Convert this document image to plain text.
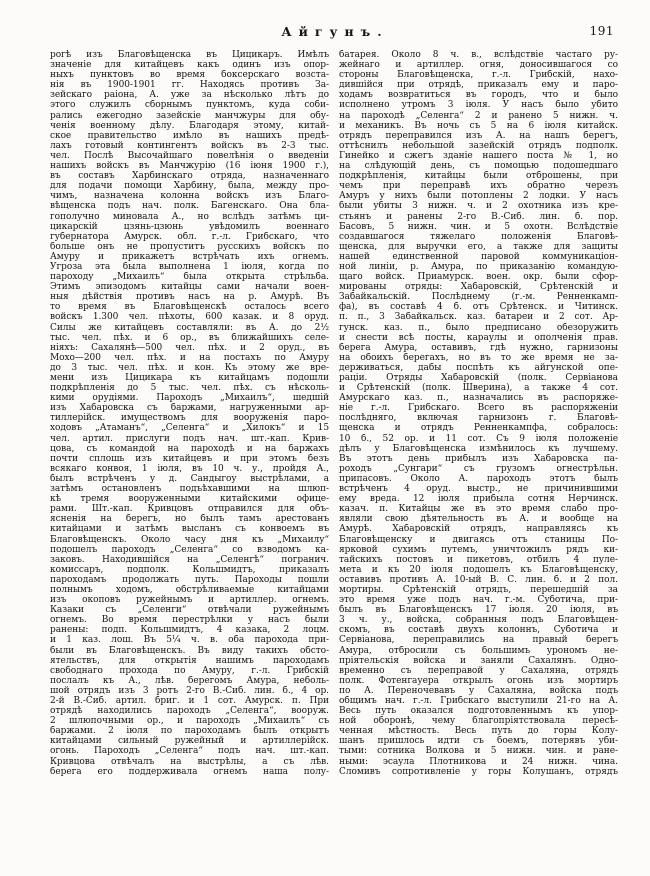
Айгунъ.	191
рогѣ изъ Благовѣщенска въ Цицикаръ. Имѣлъ
значеніе для китайцевъ какъ одинъ изъ опор-
ныхъ пунктовъ во время боксерскаго возста-
нія въ 1900-1901 гг. Находясь противъ За-
зейскаго раіона, А. уже за нѣсколько лѣтъ до
этого служилъ сборнымъ пунктомъ, куда соби-
рались ежегодно зазейскіе манчжуры для обу-
ченія военному дѣлу. Благодаря этому, китай-
ское правительство имѣло въ нашихъ предѣ-
лахъ готовый контингентъ войскъ въ 2-3 тыс.
чел. Послѣ Высочайшаго повелѣнія о введеніи
нашихъ войскъ въ Манчжурію (16 іюня 1900 г.),
въ составъ Харбинскаго отряда, назначеннаго
для подачи помощи Харбину, была, между про-
чимъ, назначена колонна войскъ изъ Благо-
вѣщенска подъ нач. полк. Багенскаго. Она бла-
гополучно миновала А., но вслѣдъ затѣмъ ци-
цикарскій цзянь-цзюнь увѣдомилъ военнаго
губернатора Амурск. обл. г.-л. Грибскаго, что
больше онъ не пропуститъ русскихъ войскъ по
Амуру и прикажетъ встрѣчать ихъ огнемъ.
Угроза эта была выполнена 1 іюля, когда по
пароходу „Михаилъ“ была открыта стрѣльба.
Этимъ эпизодомъ китайцы сами начали воен-
ныя дѣйствія противъ насъ на р. Амурѣ. Въ
то время въ Благовѣщенскѣ осталось всего
войскъ 1.300 чел. пѣхоты, 600 казак. и 8 оруд.
Силы же китайцевъ составляли: въ А. до 2½
тыс. чел. пѣх. и 6 ор., въ ближайшихъ селе-
ніяхъ: Сахалянѣ—500 чел. пѣх. и 2 оруд., въ
Мохо—200 чел. пѣх. и на постахъ по Амуру
до 3 тыс. чел. пѣх. и кон. Къ этому же вре-
мени изъ Цицикара къ китайцамъ подошли
подкрѣпленія до 5 тыс. чел. пѣх. съ нѣсколь-
кими орудіями. Пароходъ „Михаилъ“, шедшій
изъ Хабаровска съ баржами, нагруженными ар-
тиллерійск. имуществомъ для вооруженія паро-
ходовъ „Атаманъ“, „Селенга“ и „Хилокъ“ и 15
чел. артил. прислуги подъ нач. шт.-кап. Крив-
цова, съ командой на пароходѣ и на баржахъ
почти сплошь изъ китайцевъ и при этомъ безъ
всякаго конвоя, 1 іюля, въ 10 ч. у., пройдя А.,
былъ встрѣченъ у д. Сандыгоу выстрѣлами, а
затѣмъ остановленъ подъѣхавшими на шлюп-
кѣ тремя вооруженными китайскими офице-
рами. Шт.-кап. Кривцовъ отправился для объ-
ясненія на берегъ, но былъ тамъ арестованъ
китайцами и затѣмъ высланъ съ конвоемъ въ
Благовѣщенскъ. Около часу дня къ „Михаилу“
подошелъ пароходъ „Селенга“ со взводомъ ка-
заковъ. Находившійся на „Селенгѣ“ погранич.
комиссаръ, подполк. Кольшмидтъ, приказалъ
пароходамъ продолжать путь. Пароходы пошли
полнымъ ходомъ, обстрѣливаемые китайцами
изъ окоповъ ружейнымъ и артиллер. огнемъ.
Казаки съ „Селенги“ отвѣчали ружейнымъ
огнемъ. Во время перестрѣлки у насъ были
ранены: подп. Кольшмидтъ, 4 казака, 2 лоцм.
и 1 каз. лош. Въ 5¼ ч. в. оба парохода при-
были въ Благовѣщенскъ. Въ виду такихъ обсто-
ятельствъ, для открытія нашимъ пароходамъ
свободнаго прохода по Амуру, г.-л. Грибскій
послалъ къ А., лѣв. берегомъ Амура, неболь-
шой отрядъ изъ 3 ротъ 2-го В.-Сиб. лин. б., 4 ор.
2-й В.-Сиб. артил. бриг. и 1 сот. Амурск. п. При
отрядѣ находились пароходъ „Селенга“, вооруж.
2 шлюпочными ор., и пароходъ „Михаилъ“ съ
баржами. 2 іюля по пароходамъ былъ открытъ
китайцами сильный ружейный и артиллерійск.
огонь. Пароходъ „Селенга“ подъ нач. шт.-кап.
Кривцова отвѣчалъ на выстрѣлы, а съ лѣв.
берега его поддерживала огнемъ наша полу-
батарея. Около 8 ч. в., вслѣдствіе частаго ру-
жейнаго и артиллер. огня, доносившагося со
стороны Благовѣщенска, г.-л. Грибскій, нахо-
дившійся при отрядѣ, приказалъ ему и паро-
ходамъ возвратиться въ городъ, что и было
исполнено утромъ 3 іюля. У насъ было убито
на пароходѣ „Селенга“ 2 и ранено 5 нижн. ч.
и механикъ. Въ ночь съ 5 на 6 іюля китайск.
отрядъ переправился изъ А. на нашъ берегъ,
оттѣснилъ небольшой зазейскій отрядъ подполк.
Гинейко и сжегъ зданіе нашего поста № 1, но
на слѣдующій день, съ помощью подошедшаго
подкрѣпленія, китайцы были отброшены, при
чемъ при переправѣ ихъ обратно черезъ
Амуръ у нихъ были потоплены 2 лодки. У насъ
были убиты 3 нижн. ч. и 2 охотника изъ кре-
стьянъ и ранены 2-го В.-Сиб. лин. б. пор.
Басовъ, 5 нижн. чин. и 5 охотн. Вслѣдствіе
создавшагося тяжелаго положенія Благовѣ-
щенска, для выручки его, а также для защиты
нашей единственной паровой коммуникаціон-
ной линіи, р. Амура, по приказанію командую-
щаго войск. Приамурск. воен. окр. были сфор-
мированы отряды: Хабаровскій, Срѣтенскій и
Забайкальскій. Послѣднему (г.-м. Ренненкамп-
фа), въ составѣ 4 б. отъ Срѣтенск. и Читинск.
п. п., 3 Забайкальск. каз. батареи и 2 сот. Ар-
гунск. каз. п., было предписано обезоружить
и снести всѣ посты, караулы и ополченія прав.
берега Амура, оставивъ, гдѣ нужно, гарнизоны
на обоихъ берегахъ, но въ то же время не за-
держиваться, дабы поспѣть къ айгунской опе-
раціи. Отряды Хабаровскій (полк. Сервіанова
и Срѣтенскій (полк. Шверина), а также 4 сот.
Амурскаго каз. п., назначались въ распоряже-
ніе г.-л. Грибскаго. Всего въ распоряженіи
послѣдняго, включая гарнизонъ г. Благовѣ-
щенска и отрядъ Ренненкампфа, собралось:
10 б., 52 ор. и 11 сот. Съ 9 іюля положеніе
дѣлъ у Благовѣщенска измѣнилось къ лучшему.
Въ этотъ день прибылъ изъ Хабаровска па-
роходъ „Сунгари“ съ грузомъ огнестрѣльн.
припасовъ. Около А. пароходъ этотъ былъ
встрѣченъ 4 оруд. выстр., не причинившими
ему вреда. 12 іюля прибыла сотня Нерчинск.
казач. п. Китайцы же въ это время слабо про-
являли свою дѣятельность въ А. и вообще на
Амурѣ. Хабаровскій отрядъ, направляясь къ
Благовѣщенску и двигаясь отъ станицы По-
ярковой сухимъ путемъ, уничтожилъ рядъ ки-
тайскихъ постовъ и пикетовъ, отбилъ 4 пуле-
мета и къ 20 іюля подошелъ къ Благовѣщенску,
оставивъ противъ А. 10-ый В. С. лин. б. и 2 пол.
мортиры. Срѣтенскій отрядъ, перешедшій за
это время уже подъ нач. г.-м. Суботича, при-
былъ въ Благовѣщенскъ 17 іюля. 20 іюля, въ
3 ч. у., войска, собранныя подъ Благовѣщен-
скомъ, въ составѣ двухъ колоннъ, Суботича и
Сервіанова, переправились на правый берегъ
Амура, отбросили съ большимъ урономъ не-
пріятельскія войска и заняли Сахалянъ. Одно-
временно съ переправой у Сахаляна, отрядъ
полк. Фотенгауера открылъ огонь изъ мортиръ
по А. Переночевавъ у Сахаляна, войска подъ
общимъ нач. г.-л. Грибскаго выступили 21-го на А.
Весь путь оказался подготовленнымъ къ упор-
ной оборонѣ, чему благопріятствовала пересѣ-
ченная мѣстность. Весь путь до горы Колу-
шанъ пришлось идти съ боемъ, потерявъ уби-
тыми: сотника Волкова и 5 нижн. чин. и ране-
ными: эсаула Плотникова и 24 нижн. чина.
Сломивъ сопротивленіе у горы Колушанъ, отрядъ
